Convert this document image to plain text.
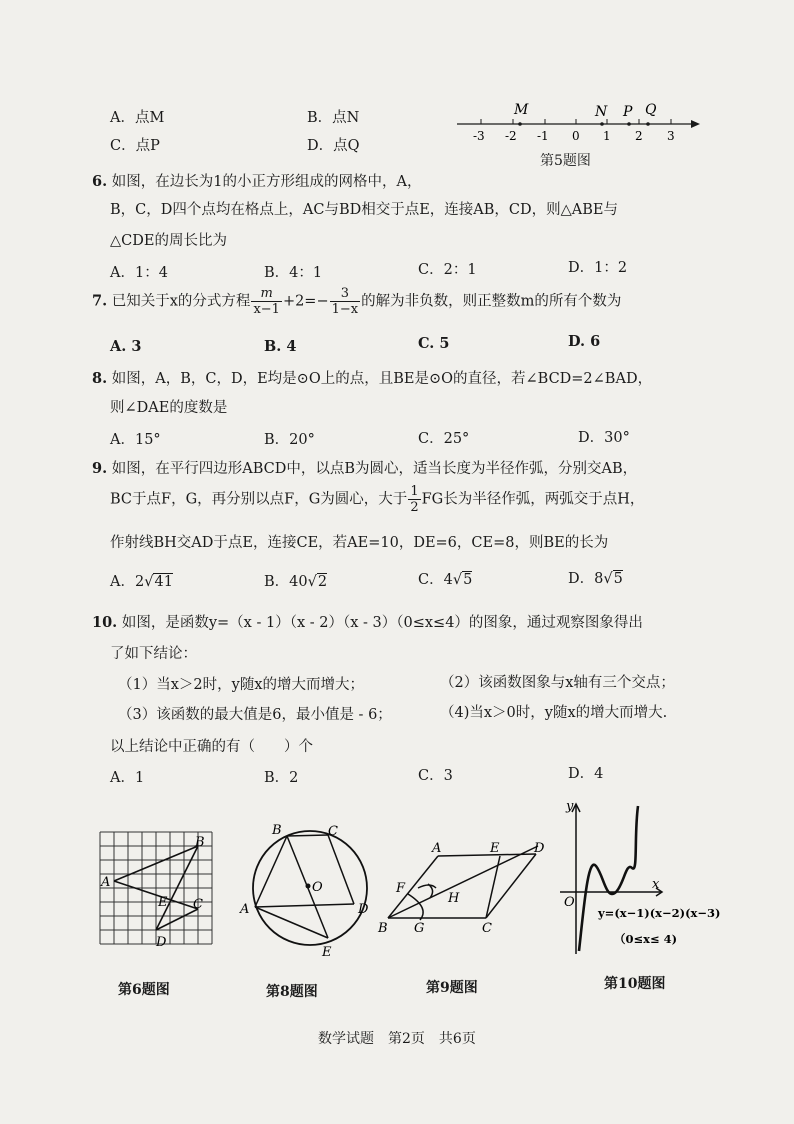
A．点M	B．点N
C．点P	D．点Q
-3 -2 -1 0 1 2 3
M	N P Q
第5题图
6. 如图，在边长为1的小正方形组成的网格中，A，
B，C，D四个点均在格点上，AC与BD相交于点E，连接AB，CD，则△ABE与
△CDE的周长比为
A．1：4	B．4：1	C．2：1	D．1：2
7. 已知关于x的分式方程 $\frac{m}{x-1} +2=- \frac{3}{1-x}$ 的解为非负数，则正整数m的所有个数为
A. 3	B. 4	C. 5	D. 6
8. 如图，A，B，C，D，E均是⊙O上的点，且BE是⊙O的直径，若∠BCD=2∠BAD，
则∠DAE的度数是
A．15°	B．20°	C．25°	D．30°
9. 如图，在平行四边形ABCD中，以点B为圆心，适当长度为半径作弧，分别交AB，
BC于点F，G，再分别以点F，G为圆心，大于 $\frac{1}{2}$ FG长为半径作弧，两弧交于点H，
作射线BH交AD于点E，连接CE，若AE=10，DE=6，CE=8，则BE的长为
A．2√41	B．40√2	C．4√5	D．8√5
10. 如图，是函数y=（x - 1）（x - 2）（x - 3）（0≤x≤4）的图象，通过观察图象得出
了如下结论：
（1）当x＞2时，y随x的增大而增大；	（2）该函数图象与x轴有三个交点；
（3）该函数的最大值是6，最小值是 - 6；	（4)当x＞0时，y随x的增大而增大.
以上结论中正确的有（　　）个
A．1	B．2	C．3	D．4
A
B
C
D
E
第6题图
B	C
A	D
E
O
第8题图
A
B	C
D
E
F
G
H
第9题图
y
x
O
y=(x−1)(x−2)(x−3)
（0≤x≤ 4)
第10题图
数学试题　第2页　共6页
